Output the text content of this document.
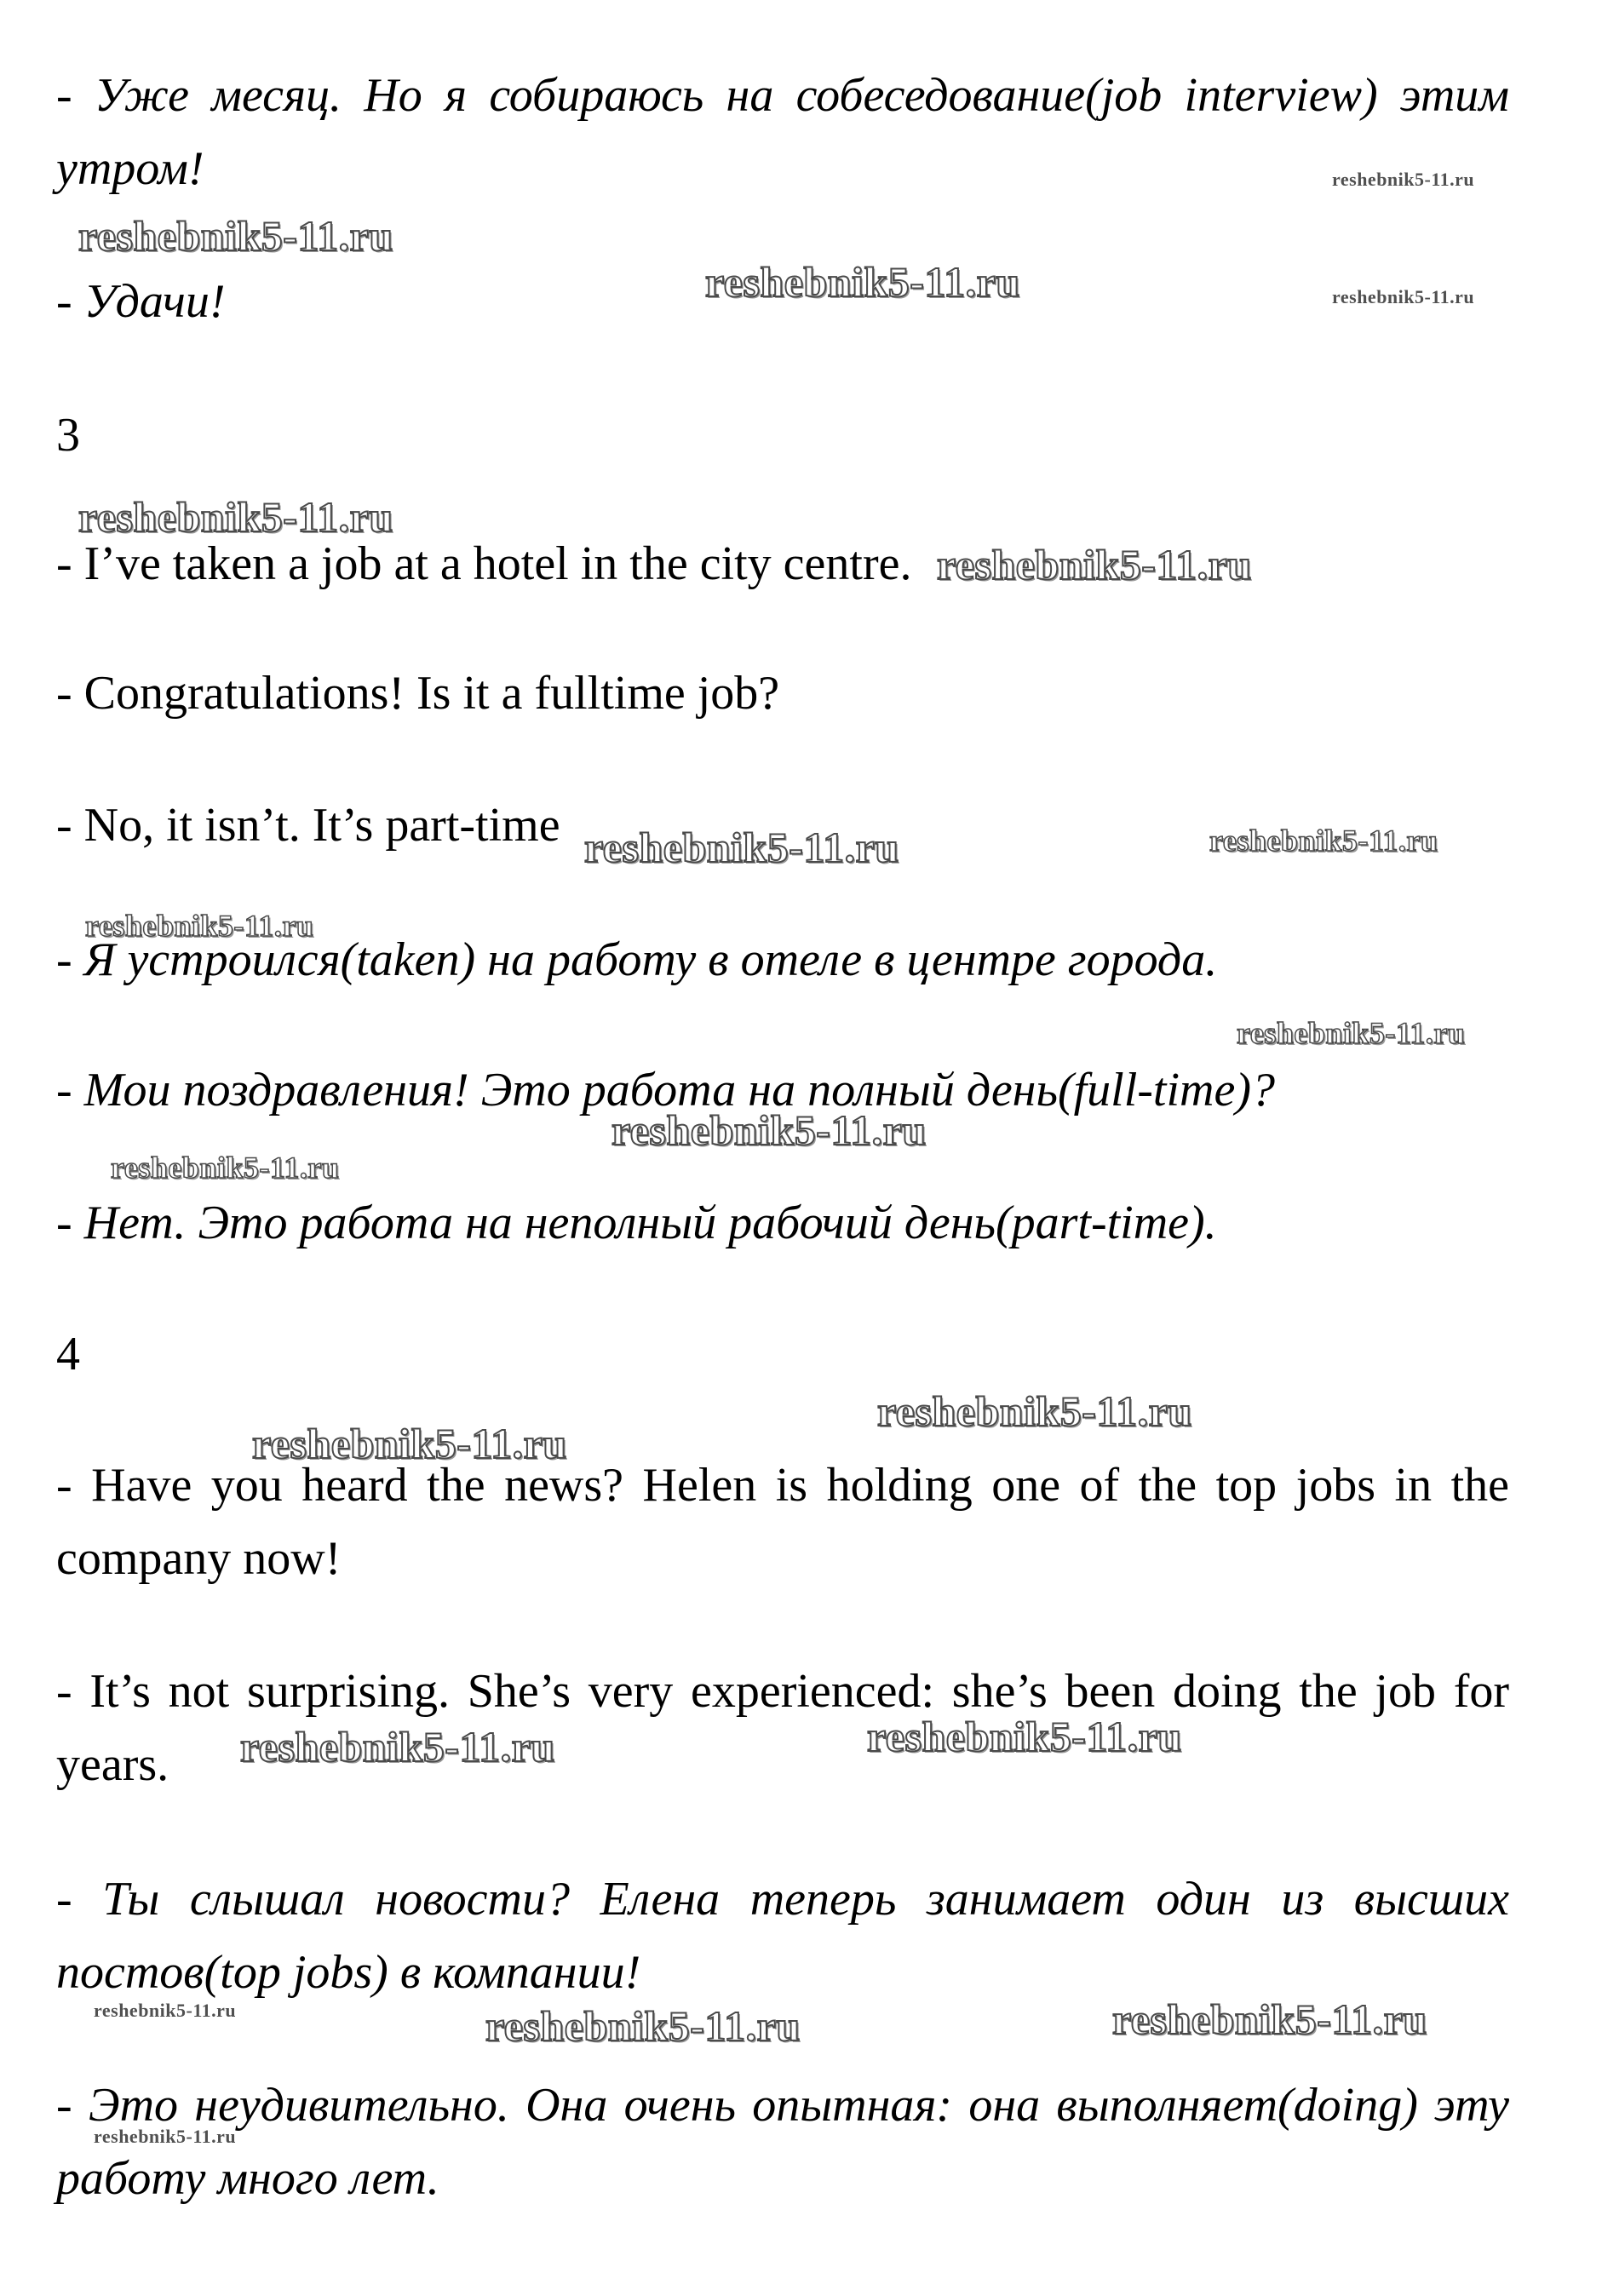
- Уже месяц. Но я собираюсь на собеседование(job interview) этим

утром!

- Удачи!

3

- I’ve taken a job at a hotel in the city centre.

- Congratulations! Is it a fulltime job?

- No, it isn’t. It’s part-time

- Я устроился(taken) на работу в отеле в центре города.

- Мои поздравления! Это работа на полный день(full-time)?

- Нет. Это работа на неполный рабочий день(part-time).

4

- Have you heard the news? Helen is holding one of the top jobs in the

company now!

- It’s not surprising. She’s very experienced: she’s been doing the job for

years.

- Ты слышал новости? Елена теперь занимает один из высших

постов(top jobs) в компании!

- Это неудивительно. Она очень опытная: она выполняет(doing) эту

работу много лет.

reshebnik5-11.ru
reshebnik5-11.ru
reshebnik5-11.ru
reshebnik5-11.ru
reshebnik5-11.ru
reshebnik5-11.ru
reshebnik5-11.ru	reshebnik5-11.ru
reshebnik5-11.ru
reshebnik5-11.ru
reshebnik5-11.ru
reshebnik5-11.ru
reshebnik5-11.ru
reshebnik5-11.ru
reshebnik5-11.ru
reshebnik5-11.ru
reshebnik5-11.ru	reshebnik5-11.ru	reshebnik5-11.ru
reshebnik5-11.ru
